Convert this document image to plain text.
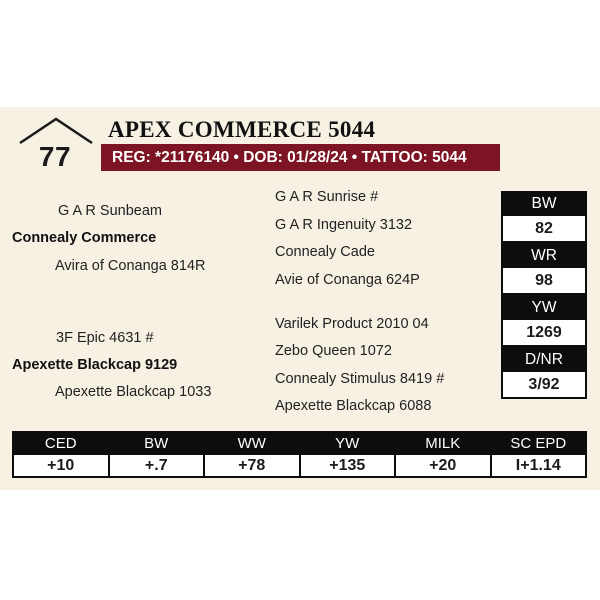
77
APEX COMMERCE 5044
REG: *21176140 • DOB: 01/28/24 • TATTOO: 5044
G A R Sunbeam
Connealy Commerce
Avira of Conanga 814R
3F Epic 4631 #
Apexette Blackcap 9129
Apexette Blackcap 1033
G A R Sunrise #
G A R Ingenuity 3132
Connealy Cade
Avie of Conanga 624P
Varilek Product 2010 04
Zebo Queen 1072
Connealy Stimulus 8419 #
Apexette Blackcap 6088
BW
82
WR
98
YW
1269
D/NR
3/92
CED
+10
BW
+.7
WW
+78
YW
+135
MILK
+20
SC EPD
I+1.14
